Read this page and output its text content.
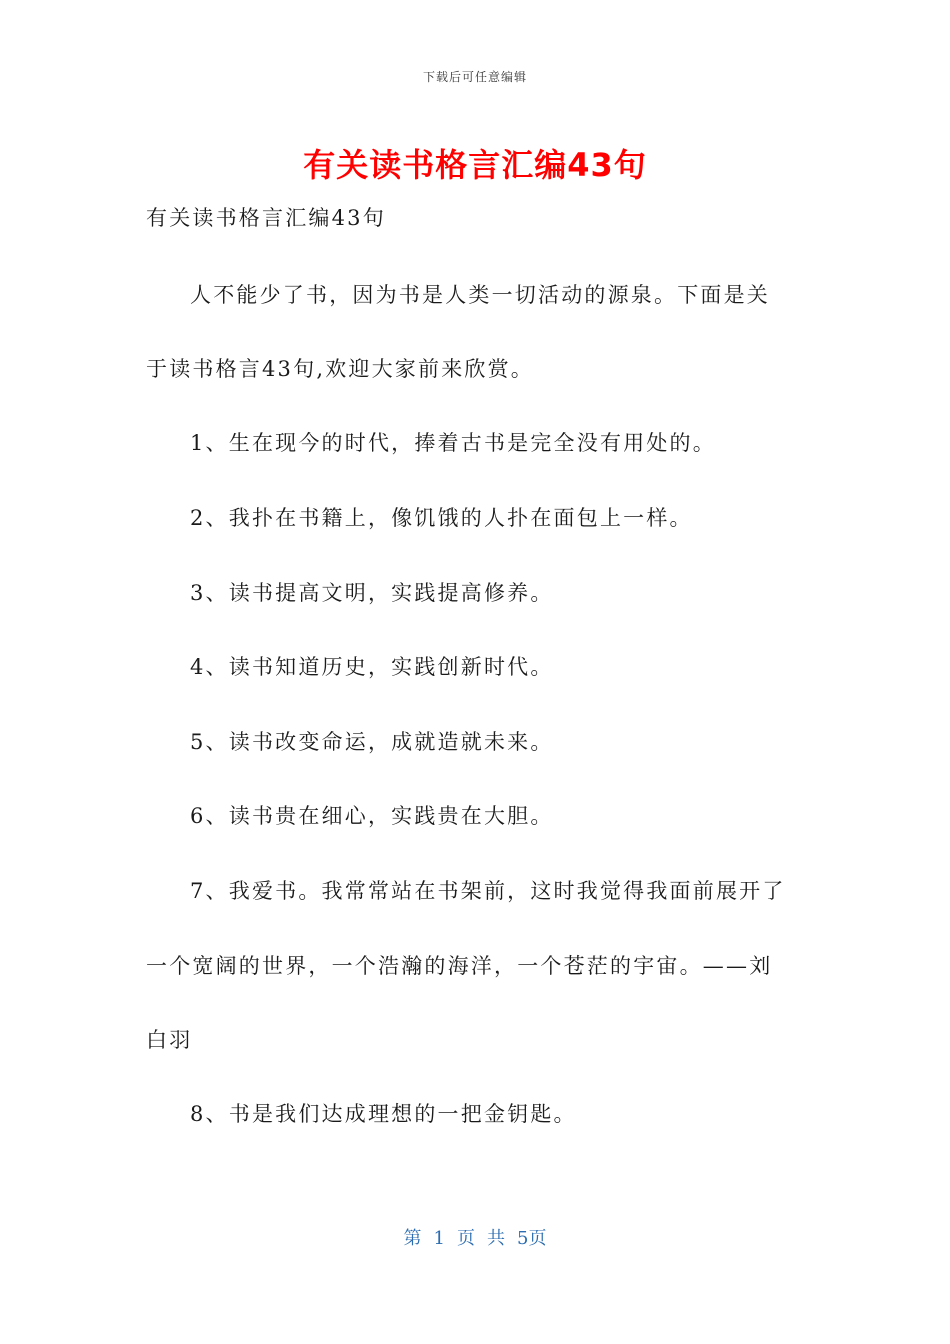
下载后可任意编辑
有关读书格言汇编43句
有关读书格言汇编43句
人不能少了书，因为书是人类一切活动的源泉。下面是关
于读书格言43句,欢迎大家前来欣赏。
1、生在现今的时代，捧着古书是完全没有用处的。
2、我扑在书籍上，像饥饿的人扑在面包上一样。
3、读书提高文明，实践提高修养。
4、读书知道历史，实践创新时代。
5、读书改变命运，成就造就未来。
6、读书贵在细心，实践贵在大胆。
7、我爱书。我常常站在书架前，这时我觉得我面前展开了
一个宽阔的世界，一个浩瀚的海洋，一个苍茫的宇宙。——刘
白羽
8、书是我们达成理想的一把金钥匙。
第 1 页 共 5页
